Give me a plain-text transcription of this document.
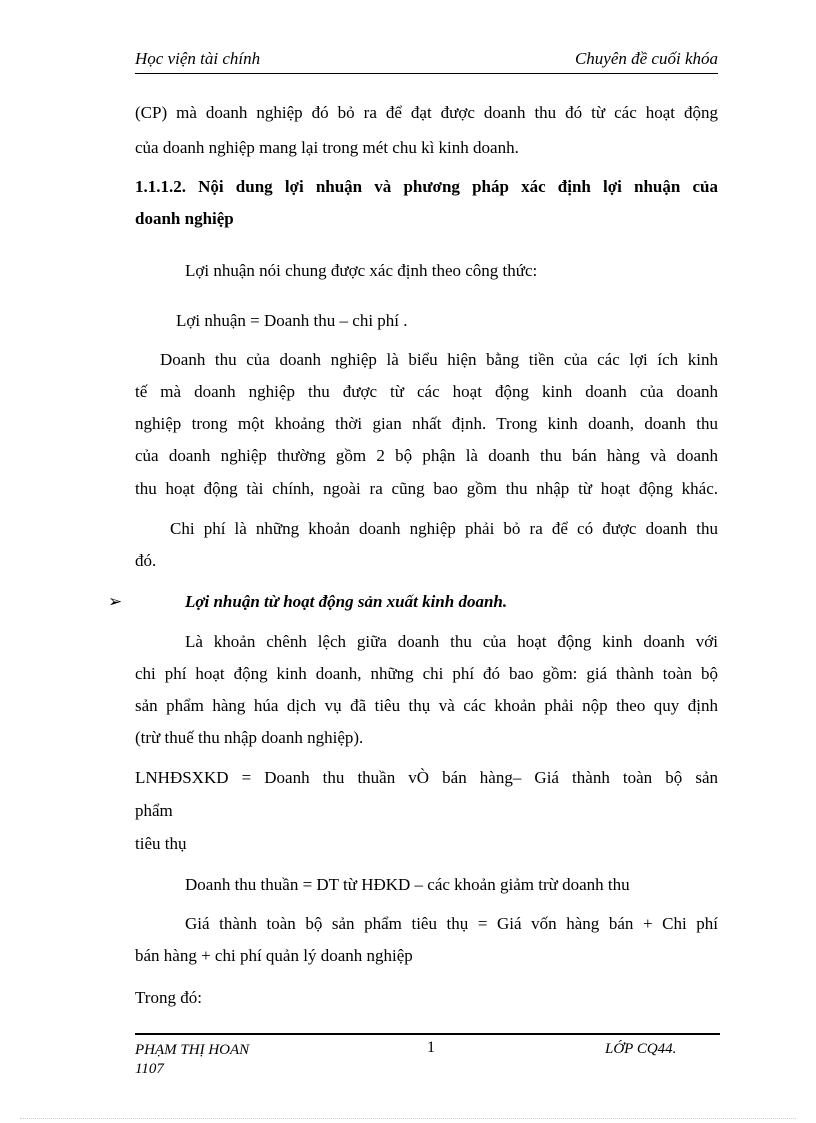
Học viện tài chính	Chuyên đề cuối khóa

(CP) mà doanh nghiệp đó bỏ ra để đạt được doanh thu đó từ các hoạt động

của doanh nghiệp mang lại trong mét chu kì kinh doanh.

1.1.1.2. Nội dung lợi nhuận và phương pháp xác định lợi nhuận của

doanh nghiệp

Lợi nhuận nói chung được xác định theo công thức:

Lợi nhuận = Doanh thu – chi phí .

Doanh thu của doanh nghiệp là biểu hiện bằng tiền của các lợi ích kinh

tế mà doanh nghiệp thu được từ các hoạt động kinh doanh của doanh

nghiệp trong một khoảng thời gian nhất định. Trong kinh doanh, doanh thu

của doanh nghiệp thường gồm 2 bộ phận là doanh thu bán hàng và doanh

thu hoạt động tài chính, ngoài ra cũng bao gồm thu nhập từ hoạt động khác.

Chi phí là những khoản doanh nghiệp phải bỏ ra để có được doanh thu

đó.

➢	Lợi nhuận từ hoạt động sản xuất kinh doanh.

Là khoản chênh lệch giữa doanh thu của hoạt động kinh doanh với

chi phí hoạt động kinh doanh, những chi phí đó bao gồm: giá thành toàn bộ

sản phẩm hàng húa dịch vụ đã tiêu thụ và các khoản phải nộp theo quy định

(trừ thuế thu nhập doanh nghiệp).

LNHĐSXKD = Doanh thu thuần vÒ bán hàng– Giá thành toàn bộ sản

phẩm

tiêu thụ

Doanh thu thuần = DT từ HĐKD – các khoản giảm trừ doanh thu

Giá thành toàn bộ sản phẩm tiêu thụ = Giá vốn hàng bán + Chi phí

bán hàng + chi phí quản lý doanh nghiệp

Trong đó:

PHẠM THỊ HOAN
1107
1	LỚP CQ44.
